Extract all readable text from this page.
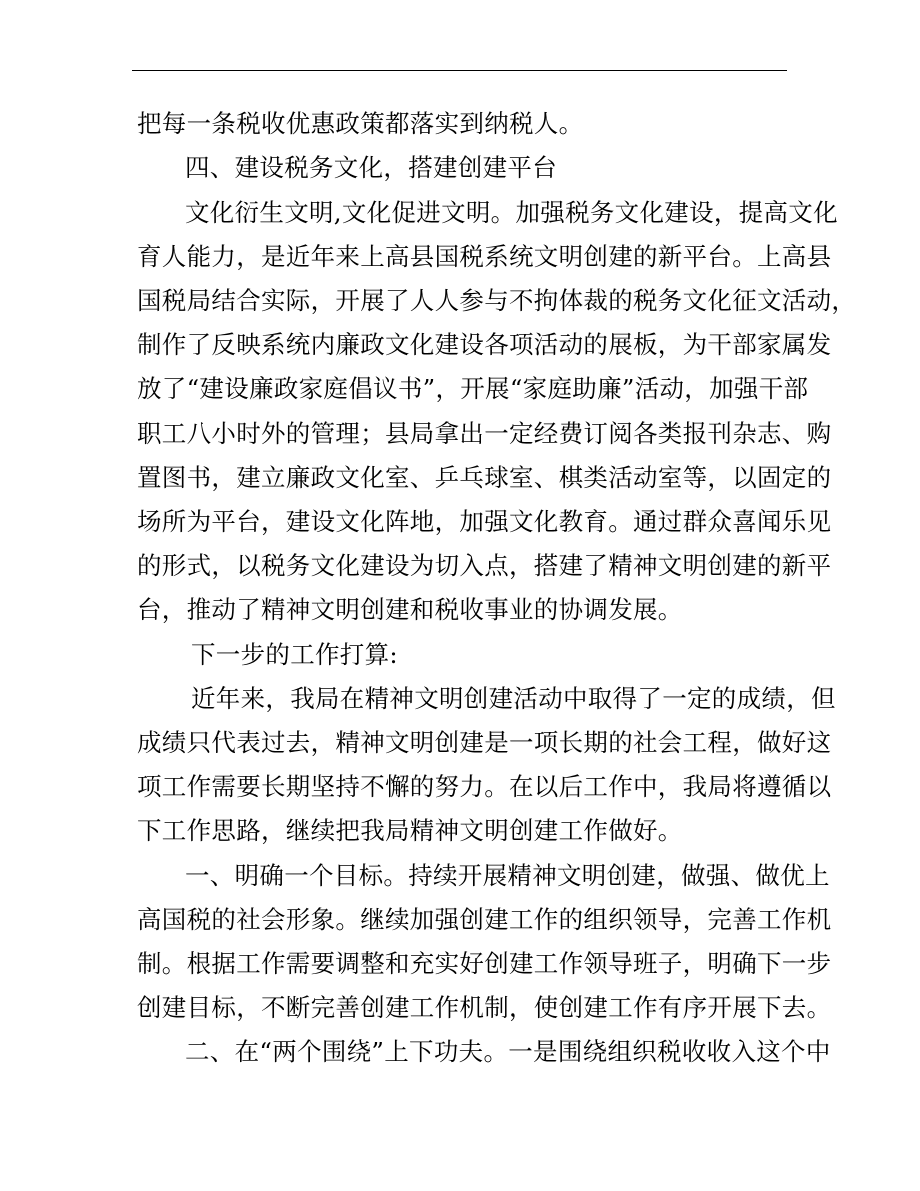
把每一条税收优惠政策都落实到纳税人。
四、建设税务文化，搭建创建平台
文化衍生文明,文化促进文明。加强税务文化建设，提高文化
育人能力，是近年来上高县国税系统文明创建的新平台。上高县
国税局结合实际，开展了人人参与不拘体裁的税务文化征文活动，
制作了反映系统内廉政文化建设各项活动的展板，为干部家属发
放了“建设廉政家庭倡议书”，开展“家庭助廉”活动，加强干部
职工八小时外的管理；县局拿出一定经费订阅各类报刊杂志、购
置图书，建立廉政文化室、乒乓球室、棋类活动室等，以固定的
场所为平台，建设文化阵地，加强文化教育。通过群众喜闻乐见
的形式，以税务文化建设为切入点，搭建了精神文明创建的新平
台，推动了精神文明创建和税收事业的协调发展。
下一步的工作打算:
近年来，我局在精神文明创建活动中取得了一定的成绩，但
成绩只代表过去，精神文明创建是一项长期的社会工程，做好这
项工作需要长期坚持不懈的努力。在以后工作中，我局将遵循以
下工作思路，继续把我局精神文明创建工作做好。
一、明确一个目标。持续开展精神文明创建，做强、做优上
高国税的社会形象。继续加强创建工作的组织领导，完善工作机
制。根据工作需要调整和充实好创建工作领导班子，明确下一步
创建目标，不断完善创建工作机制，使创建工作有序开展下去。
二、在“两个围绕”上下功夫。一是围绕组织税收收入这个中
